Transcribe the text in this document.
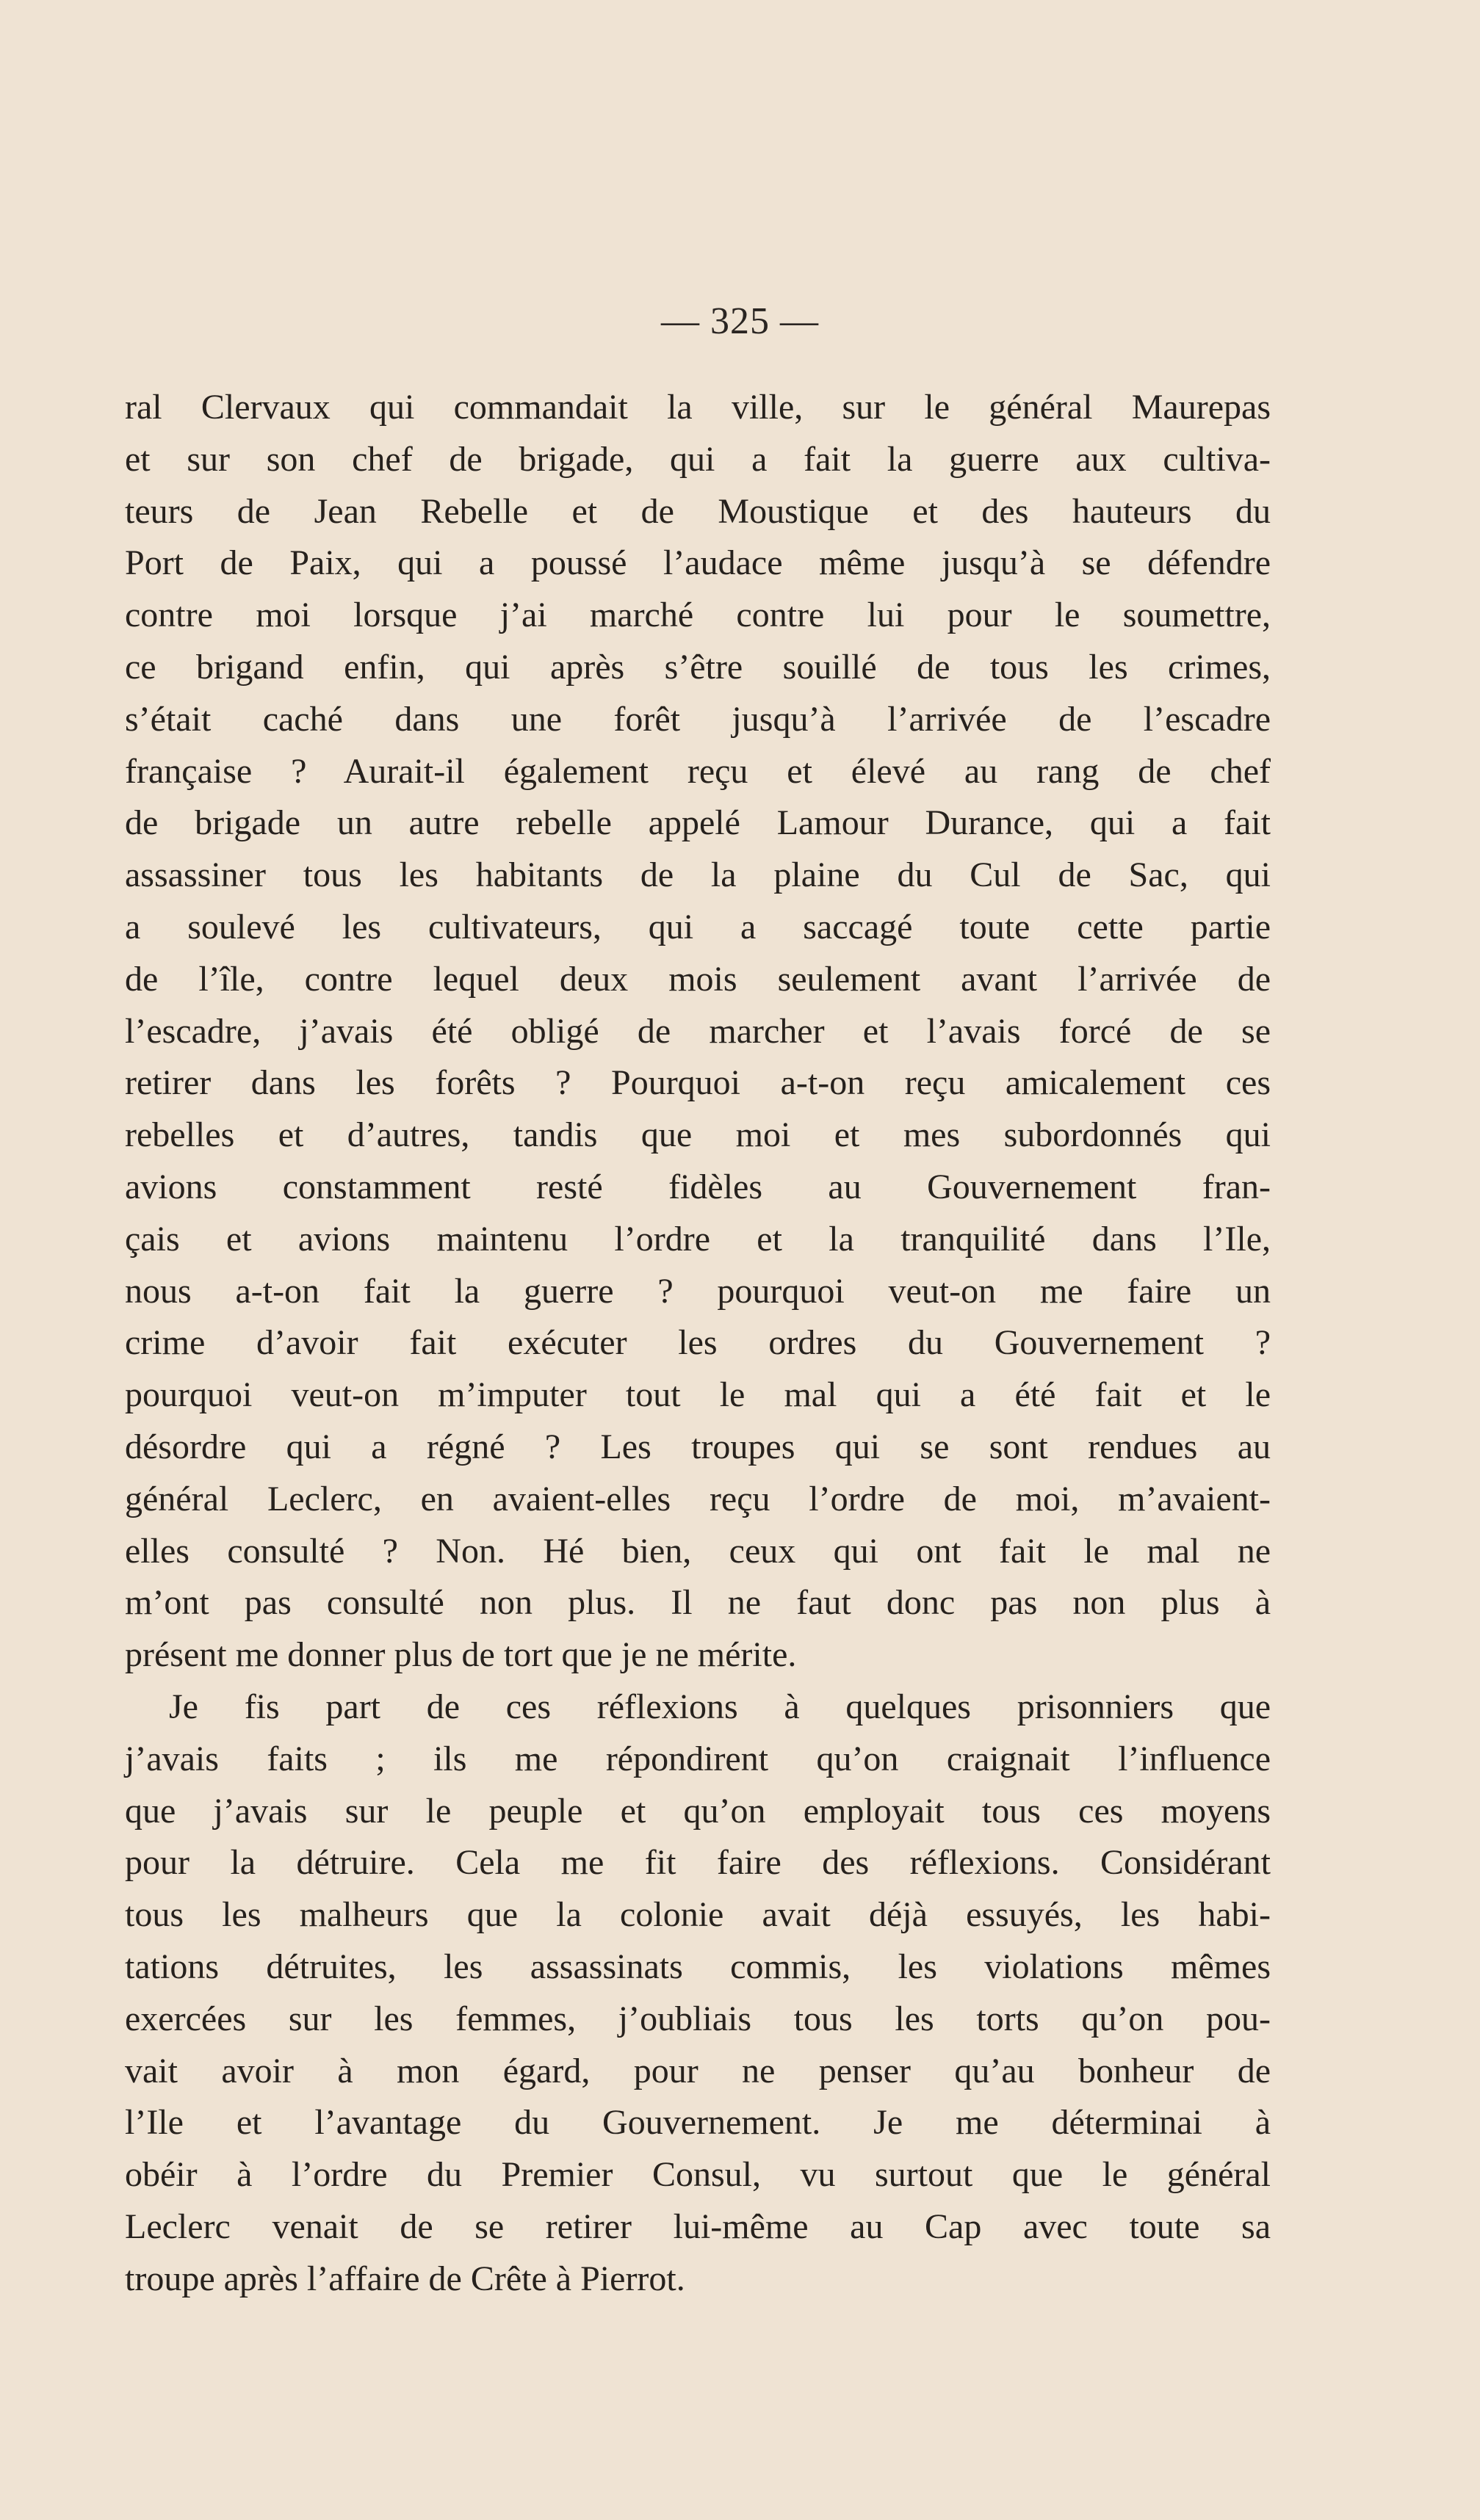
— 325 —
ral Clervaux qui commandait la ville, sur le général Maurepas
et sur son chef de brigade, qui a fait la guerre aux cultiva-
teurs de Jean Rebelle et de Moustique et des hauteurs du
Port de Paix, qui a poussé l’audace même jusqu’à se défendre
contre moi lorsque j’ai marché contre lui pour le soumettre,
ce brigand enfin, qui après s’être souillé de tous les crimes,
s’était caché dans une forêt jusqu’à l’arrivée de l’escadre
française ? Aurait-il également reçu et élevé au rang de chef
de brigade un autre rebelle appelé Lamour Durance, qui a fait
assassiner tous les habitants de la plaine du Cul de Sac, qui
a soulevé les cultivateurs, qui a saccagé toute cette partie
de l’île, contre lequel deux mois seulement avant l’arrivée de
l’escadre, j’avais été obligé de marcher et l’avais forcé de se
retirer dans les forêts ? Pourquoi a-t-on reçu amicalement ces
rebelles et d’autres, tandis que moi et mes subordonnés qui
avions constamment resté fidèles au Gouvernement fran-
çais et avions maintenu l’ordre et la tranquilité dans l’Ile,
nous a-t-on fait la guerre ? pourquoi veut-on me faire un
crime d’avoir fait exécuter les ordres du Gouvernement ?
pourquoi veut-on m’imputer tout le mal qui a été fait et le
désordre qui a régné ? Les troupes qui se sont rendues au
général Leclerc, en avaient-elles reçu l’ordre de moi, m’avaient-
elles consulté ? Non. Hé bien, ceux qui ont fait le mal ne
m’ont pas consulté non plus. Il ne faut donc pas non plus à
présent me donner plus de tort que je ne mérite.
Je fis part de ces réflexions à quelques prisonniers que
j’avais faits ; ils me répondirent qu’on craignait l’influence
que j’avais sur le peuple et qu’on employait tous ces moyens
pour la détruire. Cela me fit faire des réflexions. Considérant
tous les malheurs que la colonie avait déjà essuyés, les habi-
tations détruites, les assassinats commis, les violations mêmes
exercées sur les femmes, j’oubliais tous les torts qu’on pou-
vait avoir à mon égard, pour ne penser qu’au bonheur de
l’Ile et l’avantage du Gouvernement. Je me déterminai à
obéir à l’ordre du Premier Consul, vu surtout que le général
Leclerc venait de se retirer lui-même au Cap avec toute sa
troupe après l’affaire de Crête à Pierrot.
